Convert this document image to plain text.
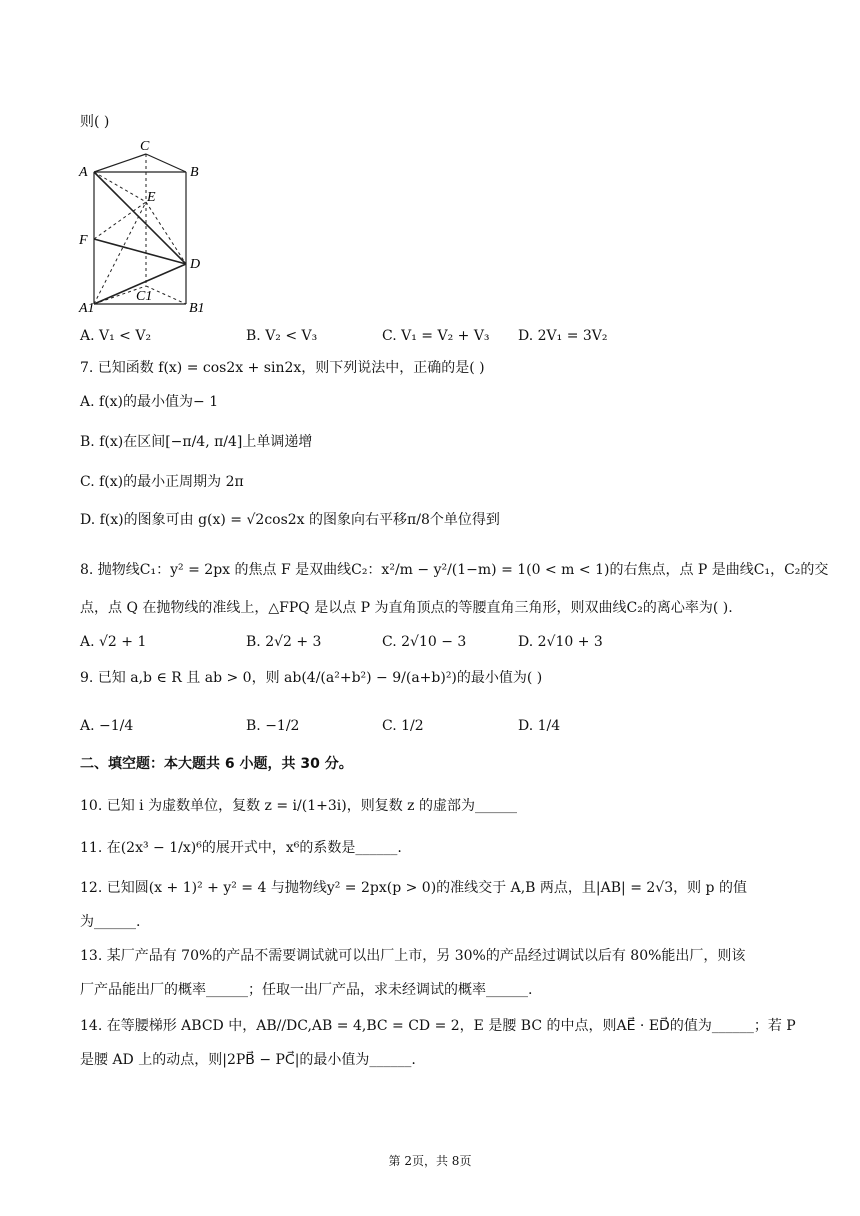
则( )
A	B
C
D
E
F
A1	B1
C1
A. V₁ < V₂	B. V₂ < V₃	C. V₁ = V₂ + V₃ D. 2V₁ = 3V₂
7. 已知函数 f(x) = cos2x + sin2x，则下列说法中，正确的是( )
A. f(x)的最小值为− 1
B. f(x)在区间[−π/4, π/4]上单调递增
C. f(x)的最小正周期为 2π
D. f(x)的图象可由 g(x) = √2cos2x 的图象向右平移π/8个单位得到
8. 抛物线C₁：y² = 2px 的焦点 F 是双曲线C₂：x²/m − y²/(1−m) = 1(0 < m < 1)的右焦点，点 P 是曲线C₁，C₂的交
点，点 Q 在抛物线的准线上，△FPQ 是以点 P 为直角顶点的等腰直角三角形，则双曲线C₂的离心率为( ).
A. √2 + 1	B. 2√2 + 3	C. 2√10 − 3	D. 2√10 + 3
9. 已知 a,b ∈ R 且 ab > 0，则 ab(4/(a²+b²) − 9/(a+b)²)的最小值为( )
A. −1/4	B. −1/2	C. 1/2	D. 1/4
二、填空题：本大题共 6 小题，共 30 分。
10. 已知 i 为虚数单位，复数 z = i/(1+3i)，则复数 z 的虚部为______
11. 在(2x³ − 1/x)⁶的展开式中，x⁶的系数是______.
12. 已知圆(x + 1)² + y² = 4 与抛物线y² = 2px(p > 0)的准线交于 A,B 两点，且|AB| = 2√3，则 p 的值
为______.
13. 某厂产品有 70%的产品不需要调试就可以出厂上市，另 30%的产品经过调试以后有 80%能出厂，则该
厂产品能出厂的概率______；任取一出厂产品，求未经调试的概率______.
14. 在等腰梯形 ABCD 中，AB//DC,AB = 4,BC = CD = 2，E 是腰 BC 的中点，则AE⃗ · ED⃗的值为______；若 P
是腰 AD 上的动点，则|2PB⃗ − PC⃗|的最小值为______.
第 2页，共 8页
